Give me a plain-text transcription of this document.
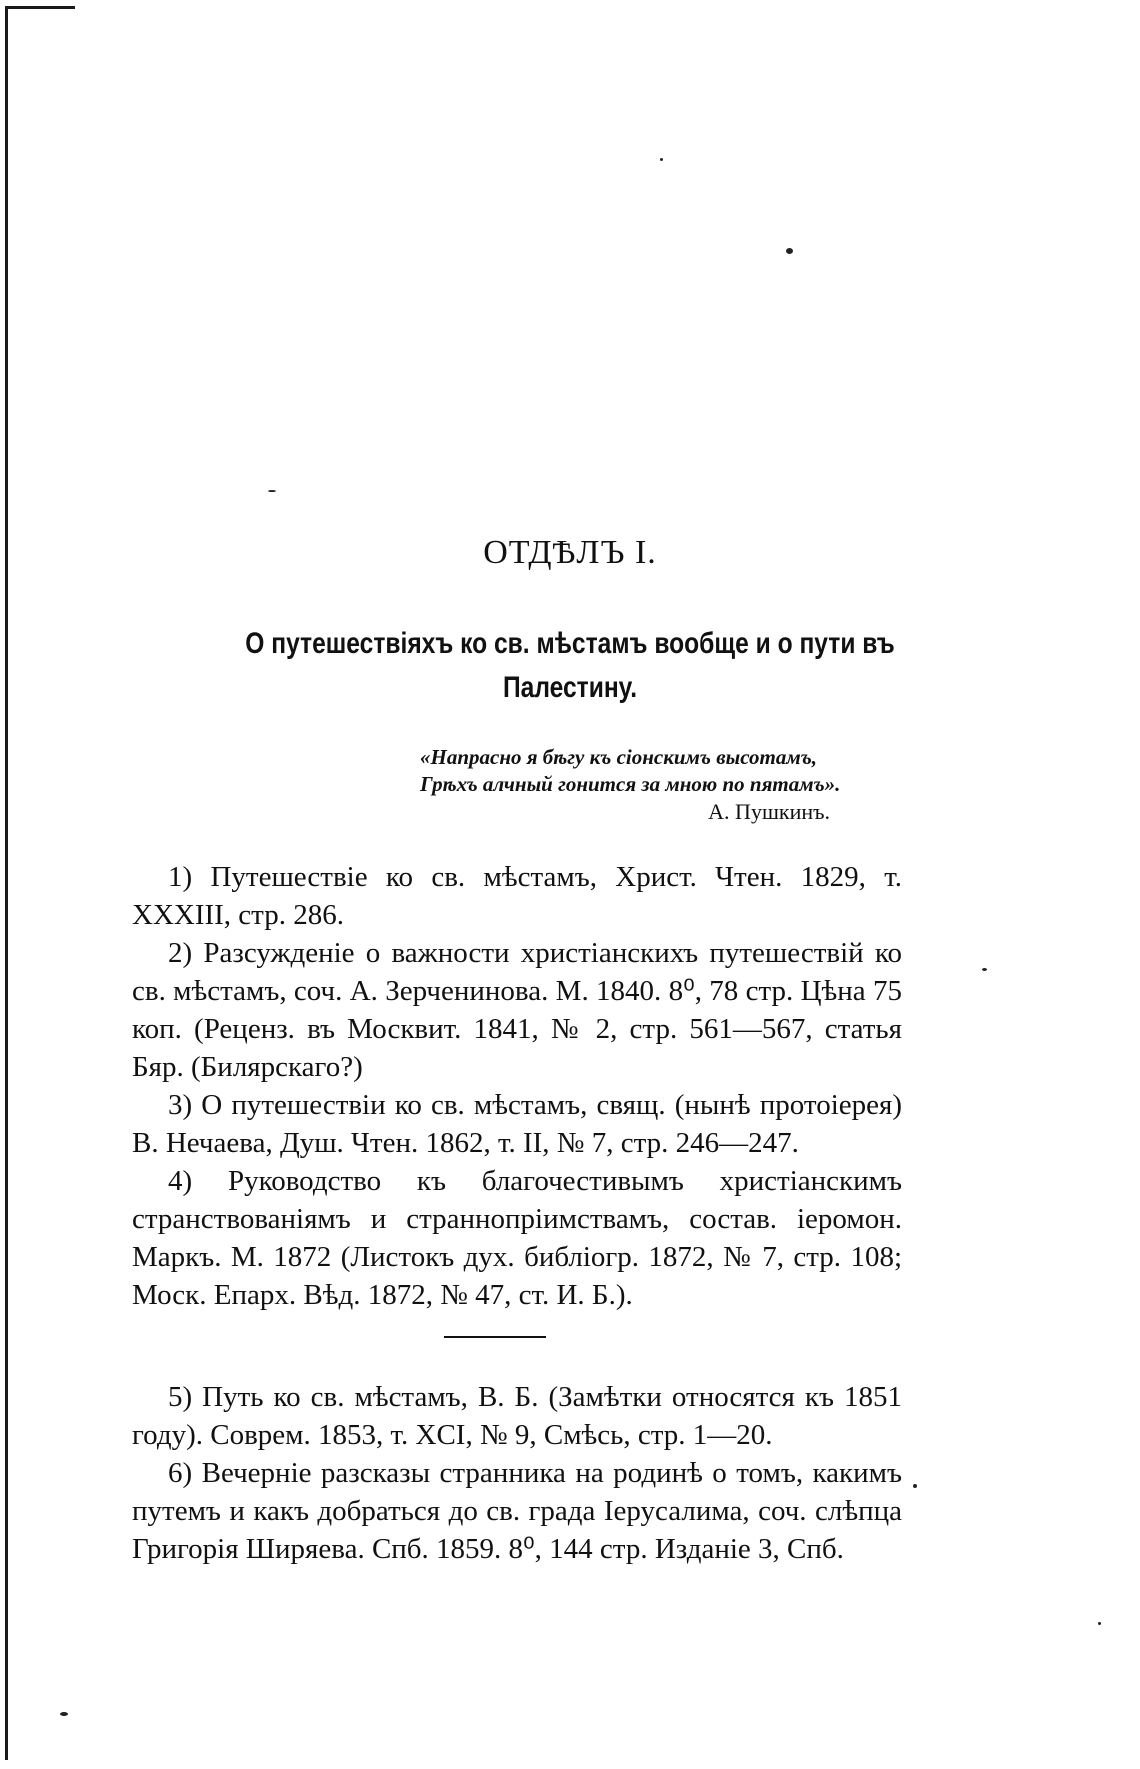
ОТДѢЛЪ I.
О путешествіяхъ ко св. мѣстамъ вообще и о пути въ Палестину.
«Напрасно я бѣгу къ сіонскимъ высотамъ,
Грѣхъ алчный гонится за мною по пятамъ».
А. Пушкинъ.

1) Путешествіе ко св. мѣстамъ, Христ. Чтен. 1829, т. XXXIII, стр. 286.

2) Разсужденіе о важности христіанскихъ путешествій ко св. мѣстамъ, соч. А. Зерченинова. М. 1840. 8⁰, 78 стр. Цѣна 75 коп. (Реценз. въ Москвит. 1841, № 2, стр. 561—567, статья Бяр. (Билярскаго?)

3) О путешествіи ко св. мѣстамъ, свящ. (нынѣ протоіерея) В. Нечаева, Душ. Чтен. 1862, т. II, № 7, стр. 246—247.

4) Руководство къ благочестивымъ христіанскимъ странствованіямъ и страннопріимствамъ, состав. іеромон. Маркъ. М. 1872 (Листокъ дух. библіогр. 1872, № 7, стр. 108; Моск. Епарх. Вѣд. 1872, № 47, ст. И. Б.).

5) Путь ко св. мѣстамъ, В. Б. (Замѣтки относятся къ 1851 году). Соврем. 1853, т. XCI, № 9, Смѣсь, стр. 1—20.

6) Вечерніе разсказы странника на родинѣ о томъ, какимъ путемъ и какъ добраться до св. града Іерусалима, соч. слѣпца Григорія Ширяева. Спб. 1859. 8⁰, 144 стр. Изданіе 3, Спб.
